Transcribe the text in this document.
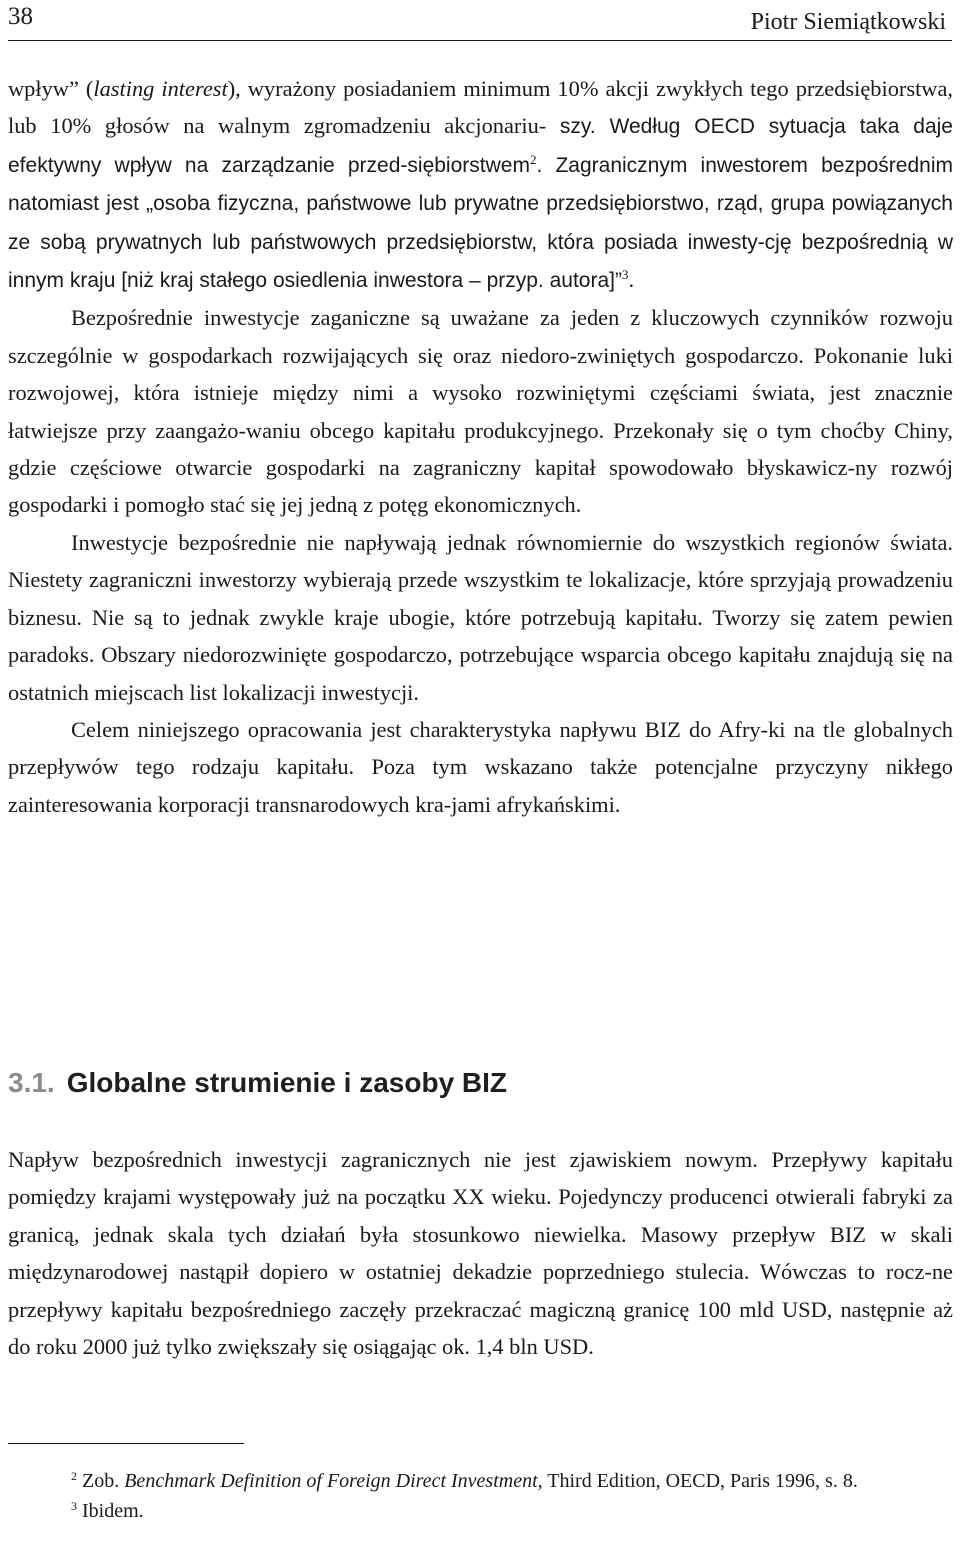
38	Piotr Siemiątkowski

wpływ” (lasting interest), wyrażony posiadaniem minimum 10% akcji zwykłych tego przedsiębiorstwa, lub 10% głosów na walnym zgromadzeniu akcjonariu- szy. Według OECD sytuacja taka daje efektywny wpływ na zarządzanie przed-siębiorstwem$^2$. Zagranicznym inwestorem bezpośrednim natomiast jest „osoba fizyczna, państwowe lub prywatne przedsiębiorstwo, rząd, grupa powiązanych ze sobą prywatnych lub państwowych przedsiębiorstw, która posiada inwesty-cję bezpośrednią w innym kraju [niż kraj stałego osiedlenia inwestora – przyp. autora]”$^3$.

Bezpośrednie inwestycje zaganiczne są uważane za jeden z kluczowych czynników rozwoju szczególnie w gospodarkach rozwijających się oraz niedoro-zwiniętych gospodarczo. Pokonanie luki rozwojowej, która istnieje między nimi a wysoko rozwiniętymi częściami świata, jest znacznie łatwiejsze przy zaangażo-waniu obcego kapitału produkcyjnego. Przekonały się o tym choćby Chiny, gdzie częściowe otwarcie gospodarki na zagraniczny kapitał spowodowało błyskawicz-ny rozwój gospodarki i pomogło stać się jej jedną z potęg ekonomicznych.

Inwestycje bezpośrednie nie napływają jednak równomiernie do wszystkich regionów świata. Niestety zagraniczni inwestorzy wybierają przede wszystkim te lokalizacje, które sprzyjają prowadzeniu biznesu. Nie są to jednak zwykle kraje ubogie, które potrzebują kapitału. Tworzy się zatem pewien paradoks. Obszary niedorozwinięte gospodarczo, potrzebujące wsparcia obcego kapitału znajdują się na ostatnich miejscach list lokalizacji inwestycji.

Celem niniejszego opracowania jest charakterystyka napływu BIZ do Afry-ki na tle globalnych przepływów tego rodzaju kapitału. Poza tym wskazano także potencjalne przyczyny nikłego zainteresowania korporacji transnarodowych kra-jami afrykańskimi.

3.1. Globalne strumienie i zasoby BIZ

Napływ bezpośrednich inwestycji zagranicznych nie jest zjawiskiem nowym. Przepływy kapitału pomiędzy krajami występowały już na początku XX wieku. Pojedynczy producenci otwierali fabryki za granicą, jednak skala tych działań była stosunkowo niewielka. Masowy przepływ BIZ w skali międzynarodowej nastąpił dopiero w ostatniej dekadzie poprzedniego stulecia. Wówczas to rocz-ne przepływy kapitału bezpośredniego zaczęły przekraczać magiczną granicę 100 mld USD, następnie aż do roku 2000 już tylko zwiększały się osiągając ok. 1,4 bln USD.

$^2$ Zob. Benchmark Definition of Foreign Direct Investment, Third Edition, OECD, Paris 1996, s. 8.

$^3$ Ibidem.
